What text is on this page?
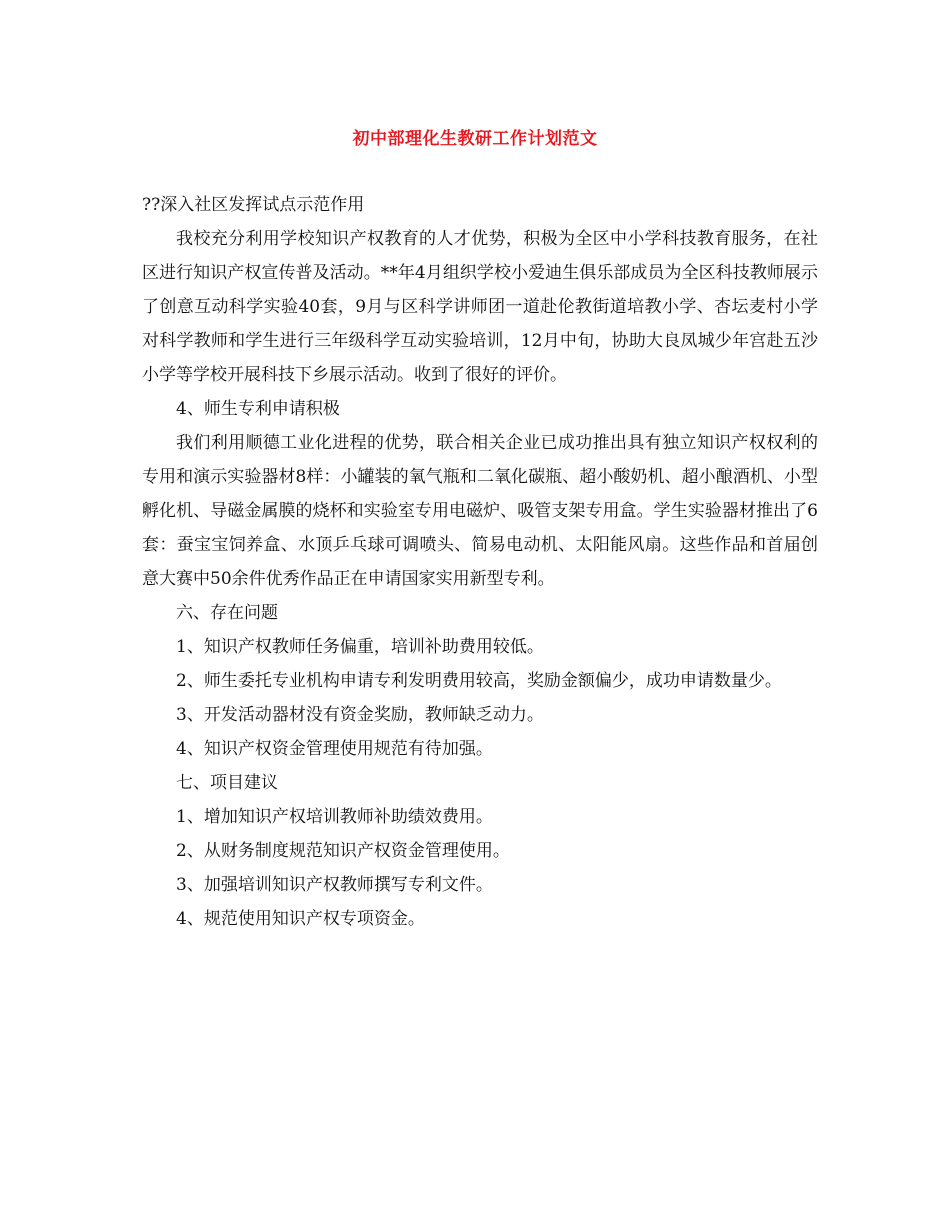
初中部理化生教研工作计划范文

??深入社区发挥试点示范作用

我校充分利用学校知识产权教育的人才优势，积极为全区中小学科技教育服务，在社区进行知识产权宣传普及活动。**年4月组织学校小爱迪生俱乐部成员为全区科技教师展示了创意互动科学实验40套，9月与区科学讲师团一道赴伦教街道培教小学、杏坛麦村小学对科学教师和学生进行三年级科学互动实验培训，12月中旬，协助大良凤城少年宫赴五沙小学等学校开展科技下乡展示活动。收到了很好的评价。

4、师生专利申请积极

我们利用顺德工业化进程的优势，联合相关企业已成功推出具有独立知识产权权利的专用和演示实验器材8样：小罐装的氧气瓶和二氧化碳瓶、超小酸奶机、超小酿酒机、小型孵化机、导磁金属膜的烧杯和实验室专用电磁炉、吸管支架专用盒。学生实验器材推出了6套：蚕宝宝饲养盒、水顶乒乓球可调喷头、简易电动机、太阳能风扇。这些作品和首届创意大赛中50余件优秀作品正在申请国家实用新型专利。

六、存在问题

1、知识产权教师任务偏重，培训补助费用较低。

2、师生委托专业机构申请专利发明费用较高，奖励金额偏少，成功申请数量少。

3、开发活动器材没有资金奖励，教师缺乏动力。

4、知识产权资金管理使用规范有待加强。

七、项目建议

1、增加知识产权培训教师补助绩效费用。

2、从财务制度规范知识产权资金管理使用。

3、加强培训知识产权教师撰写专利文件。

4、规范使用知识产权专项资金。
